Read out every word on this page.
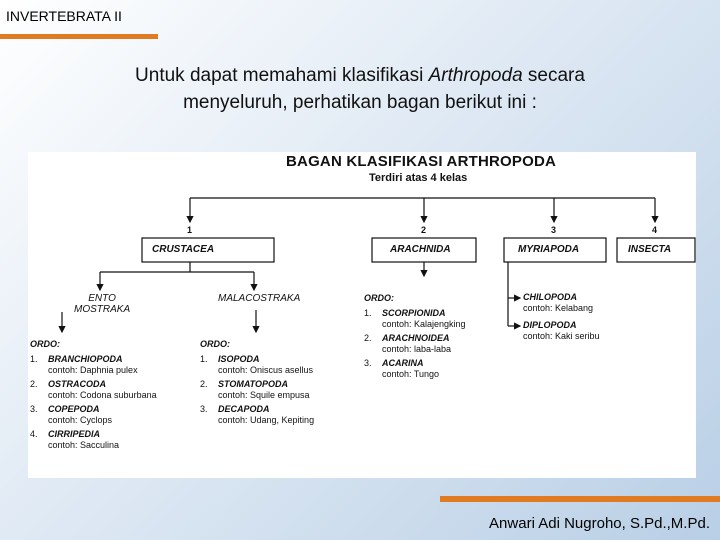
INVERTEBRATA II
Untuk dapat memahami klasifikasi Arthropoda secara
menyeluruh, perhatikan bagan berikut ini :
BAGAN KLASIFIKASI ARTHROPODA
Terdiri atas 4 kelas
1	2	3	4
CRUSTACEA	ARACHNIDA	MYRIAPODA	INSECTA
ENTO
MOSTRAKA
ORDO:
1. BRANCHIOPODA
contoh: Daphnia pulex
2. OSTRACODA
contoh: Codona suburbana
3. COPEPODA
contoh: Cyclops
4. CIRRIPEDIA
contoh: Sacculina
MALACOSTRAKA
ORDO:
1. ISOPODA
contoh: Oniscus asellus
2. STOMATOPODA
contoh: Squile empusa
3. DECAPODA
contoh: Udang, Kepiting
ORDO:
1. SCORPIONIDA
contoh: Kalajengking
2. ARACHNOIDEA
contoh: laba-laba
3. ACARINA
contoh: Tungo
CHILOPODA
contoh: Kelabang
DIPLOPODA
contoh: Kaki seribu
Anwari Adi Nugroho, S.Pd.,M.Pd.
